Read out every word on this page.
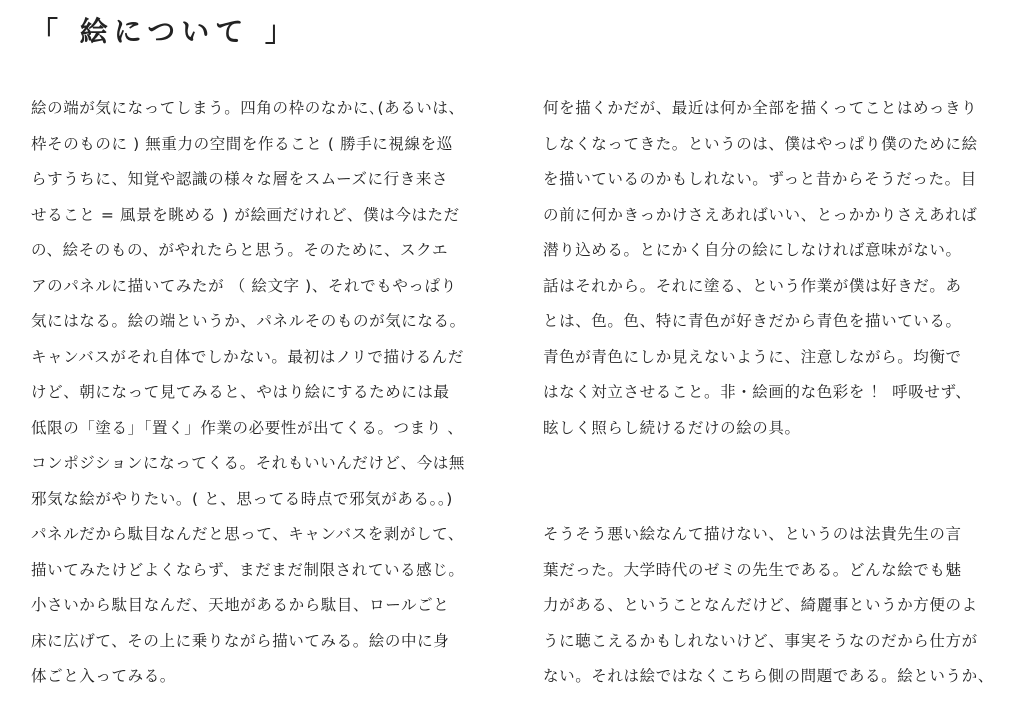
「 絵について 」
絵の端が気になってしまう。四角の枠のなかに､(あるいは、
枠そのものに ) 無重力の空間を作ること ( 勝手に視線を巡
らすうちに、知覚や認識の様々な層をスムーズに行き来さ
せること = 風景を眺める ) が絵画だけれど、僕は今はただ
の、絵そのもの、がやれたらと思う。そのために、スクエ
アのパネルに描いてみたが （ 絵文字 )、それでもやっぱり
気にはなる。絵の端というか、パネルそのものが気になる。
キャンバスがそれ自体でしかない。最初はノリで描けるんだ
けど、朝になって見てみると、やはり絵にするためには最
低限の「塗る」「置く」作業の必要性が出てくる。つまり 、
コンポジションになってくる。それもいいんだけど、今は無
邪気な絵がやりたい。( と、思ってる時点で邪気がある。。)
パネルだから駄目なんだと思って、キャンバスを剥がして、
描いてみたけどよくならず、まだまだ制限されている感じ。
小さいから駄目なんだ、天地があるから駄目、ロールごと
床に広げて、その上に乗りながら描いてみる。絵の中に身
体ごと入ってみる。
何を描くかだが、最近は何か全部を描くってことはめっきり
しなくなってきた。というのは、僕はやっぱり僕のために絵
を描いているのかもしれない。ずっと昔からそうだった。目
の前に何かきっかけさえあればいい、とっかかりさえあれば
潜り込める。とにかく自分の絵にしなければ意味がない。
話はそれから。それに塗る、という作業が僕は好きだ。あ
とは、色。色、特に青色が好きだから青色を描いている。
青色が青色にしか見えないように、注意しながら。均衡で
はなく対立させること。非・絵画的な色彩を ！ 呼吸せず、
眩しく照らし続けるだけの絵の具。
そうそう悪い絵なんて描けない、というのは法貴先生の言
葉だった。大学時代のゼミの先生である。どんな絵でも魅
力がある、ということなんだけど、綺麗事というか方便のよ
うに聴こえるかもしれないけど、事実そうなのだから仕方が
ない。それは絵ではなくこちら側の問題である。絵というか、
